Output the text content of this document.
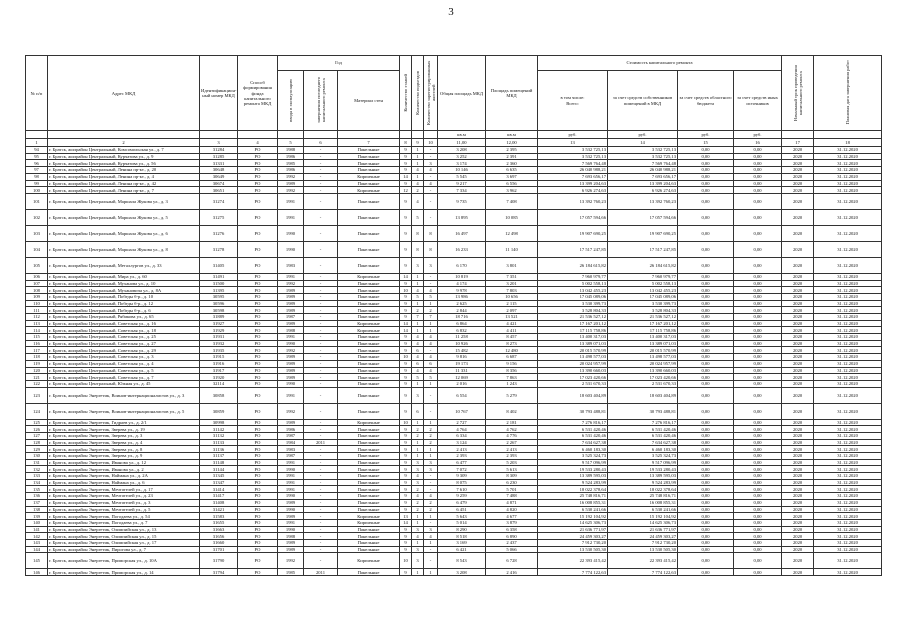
3
№ п/п	Адрес МКД	Идентификацион-ный номер МКД	Способ формирования фонда капитального ремонта МКД	Год			Количество этажей	Количество подъездов	Количество зарегистрированных жителей	Общая площадь МКД	Площадь помещений МКД	Стоимость капитального ремонта				Начальный срок проведения капитального ремонта	Плановая дата завершения работ
				ввода в эксплуатацию	завершения последнего капитального ремонта	Материал стен						в том числе:
Всего:	за счет средств собственников помещений в МКД	за счет средств областного бюджета	за счет средств иных источников		
										кв.м	кв.м	руб.	руб.	руб.	руб.		
1	2	3	4	5	6	7	8	9	10	11,00	12,00	13	14	15	16	17	18
94	г. Братск, жилрайон Центральный, Комсомольская ул., д. 7	31284	РО	1988	-	Панельные	9	1	-	3 208	2 395	3 532 725,13	3 532 725,13	0,00	0,00	2020	31.12.2020
95	г. Братск, жилрайон Центральный, Курчатова ул., д. 9	31285	РО	1986	-	Панельные	9	1	-	3 252	2 391	3 532 725,13	3 532 725,13	0,00	0,00	2020	31.12.2020
96	г. Братск, жилрайон Центральный, Курчатова ул., д. 56	31331	РО	1985	-	Панельные	9	1	3	3 174	2 360	7 569 764,48	7 569 764,48	0,00	0,00	2020	31.12.2020
97	г. Братск, жилрайон Центральный, Ленина пр-кт., д. 20	30648	РО	1986	-	Панельные	9	4	4	10 146	6 635	26 040 988,21	26 040 988,21	0,00	0,00	2020	31.12.2020
98	г. Братск, жилрайон Центральный, Ленина пр-кт., д. 4	30649	РО	1992	-	Кирпичные	14	1	-	5 545	3 697	7 693 656,17	7 693 656,17	0,00	0,00	2020	31.12.2020
99	г. Братск, жилрайон Центральный, Ленина пр-кт., д. 42	30674	РО	1989	-	Панельные	9	4	4	9 217	6 556	13 399 204,63	13 399 204,63	0,00	0,00	2020	31.12.2020
100	г. Братск, жилрайон Центральный, Ленина пр-кт., д. 7	30651	РО	1992	-	Кирпичные	12	2	-	7 334	3 962	6 926 274,63	6 926 274,63	0,00	0,00	2020	31.12.2020
101	г. Братск, жилрайон Центральный, Маршала Жукова ул., д. 3	31274	РО	1991	-	Панельные	9	4	-	9 735	7 408	13 392 760,23	13 392 760,23	0,00	0,00	2020	31.12.2020
102	г. Братск, жилрайон Центральный, Маршала Жукова ул., д. 5	31275	РО	1991	-	Панельные	9	5	-	13 895	10 085	17 057 594,66	17 057 594,66	0,00	0,00	2020	31.12.2020
103	г. Братск, жилрайон Центральный, Маршала Жукова ул., д. 6	31276	РО	1990	-	Панельные	9	8	8	16 497	12 498	19 907 690,25	19 907 690,25	0,00	0,00	2020	31.12.2020
104	г. Братск, жилрайон Центральный, Маршала Жукова ул., д. 8	31278	РО	1990	-	Панельные	9	8	8	16 233	11 140	17 517 247,85	17 517 247,85	0,00	0,00	2020	31.12.2020
105	г. Братск, жилрайон Центральный, Металлургов ул., д. 33	31405	РО	1983	-	Панельные	9	3	3	6 170	3 801	26 184 615,82	26 184 615,82	0,00	0,00	2020	31.12.2020
106	г. Братск, жилрайон Центральный, Мира ул., д. 60	31491	РО	1991	-	Кирпичные	14	1	-	10 819	7 351	7 960 979,77	7 960 979,77	0,00	0,00	2020	31.12.2020
107	г. Братск, жилрайон Центральный, Муханова ул., д. 10	31500	РО	1992	-	Панельные	9	1	-	4 174	3 201	5 002 558,13	5 002 558,13	0,00	0,00	2020	31.12.2020
108	г. Братск, жилрайон Центральный, Мухановича ул., д. 8А	31395	РО	1989	-	Панельные	10	4	4	9 978	7 803	13 042 455,23	13 042 455,23	0,00	0,00	2020	31.12.2020
109	г. Братск, жилрайон Центральный, Победы б-р., д. 10	30595	РО	1989	-	Панельные	9	5	5	13 986	10 656	17 045 089,06	17 045 089,06	0,00	0,00	2020	31.12.2020
110	г. Братск, жилрайон Центральный, Победы б-р., д. 12	30596	РО	1989	-	Панельные	9	1	1	2 625	2 115	3 530 399,73	3 530 399,73	0,00	0,00	2020	31.12.2020
111	г. Братск, жилрайон Центральный, Победы б-р., д. 6	30598	РО	1989	-	Панельные	9	2	2	2 844	2 097	3 528 804,33	3 528 804,33	0,00	0,00	2020	31.12.2020
112	г. Братск, жилрайон Центральный, Рябикова ул., д. 65	31889	РО	1987	-	Панельные	9	7	7	18 716	13 521	21 536 527,12	21 536 527,12	0,00	0,00	2020	31.12.2020
113	г. Братск, жилрайон Центральный, Советская ул., д. 16	31927	РО	1989	-	Кирпичные	14	1	1	6 864	4 421	17 167 201,12	17 167 201,12	0,00	0,00	2020	31.12.2020
114	г. Братск, жилрайон Центральный, Советская ул., д. 18	31929	РО	1988	-	Кирпичные	14	1	1	6 832	4 411	17 115 758,86	17 115 758,86	0,00	0,00	2020	31.12.2020
115	г. Братск, жилрайон Центральный, Советская ул., д. 25	31931	РО	1991	-	Панельные	9	4	4	11 258	8 457	13 400 317,03	13 400 317,03	0,00	0,00	2020	31.12.2020
116	г. Братск, жилрайон Центральный, Советская ул., д. 27	31932	РО	1990	-	Панельные	9	4	4	10 926	8 273	13 389 071,03	13 389 071,03	0,00	0,00	2020	31.12.2020
117	г. Братск, жилрайон Центральный, Советская ул., д. 29	31935	РО	1992	-	Панельные	9	6	-	15 482	12 480	20 015 570,99	20 015 570,99	0,00	0,00	2020	31.12.2020
118	г. Братск, жилрайон Центральный, Советская ул., д. 3	31915	РО	1989	-	Панельные	10	4	4	9 816	6 687	13 498 577,03	13 498 577,03	0,00	0,00	2020	31.12.2020
119	г. Братск, жилрайон Центральный, Советская ул., д. 4	31916	РО	1989	-	Панельные	9	6	6	19 173	9 156	20 024 957,99	20 024 957,99	0,00	0,00	2020	31.12.2020
120	г. Братск, жилрайон Центральный, Советская ул., д. 5	31917	РО	1989	-	Панельные	9	4	4	11 331	8 356	13 390 660,03	13 390 660,03	0,00	0,00	2020	31.12.2020
121	г. Братск, жилрайон Центральный, Советская ул., д. 7	31920	РО	1989	-	Панельные	9	5	5	12 069	7 863	17 023 420,66	17 023 420,66	0,00	0,00	2020	31.12.2020
122	г. Братск, жилрайон Центральный, Южная ул., д. 45	32114	РО	1990	-	Панельные	9	1	1	2 016	1 243	2 531 670,33	2 531 670,33	0,00	0,00	2020	31.12.2020
123	г. Братск, жилрайон Энергетик, Воинов-интернационалистов ул., д. 3	30858	РО	1991	-	Панельные	9	3	-	6 554	5 279	18 603 404,89	18 603 404,89	0,00	0,00	2020	31.12.2020
124	г. Братск, жилрайон Энергетик, Воинов-интернационалистов ул., д. 5	30859	РО	1992	-	Панельные	9	6	-	10 767	8 402	30 793 488,81	30 793 488,81	0,00	0,00	2020	31.12.2020
125	г. Братск, жилрайон Энергетик, Гидраев ул., д. 2/1	30998	РО	1989	-	Кирпичные	10	1	1	2 727	2 181	7 276 816,17	7 276 816,17	0,00	0,00	2020	31.12.2020
126	г. Братск, жилрайон Энергетик, Зверева ул., д. 19	31142	РО	1986	-	Панельные	9	2	2	4 764	4 762	6 531 420,46	6 531 420,46	0,00	0,00	2020	31.12.2020
127	г. Братск, жилрайон Энергетик, Зверева ул., д. 3	31132	РО	1987	-	Панельные	9	2	2	6 334	4 776	6 531 420,46	6 531 420,46	0,00	0,00	2020	31.12.2020
128	г. Братск, жилрайон Энергетик, Зверева ул., д. 4	31133	РО	1984	2011	Панельные	9	1	2	3 124	2 267	7 634 627,38	7 634 627,38	0,00	0,00	2020	31.12.2020
129	г. Братск, жилрайон Энергетик, Зверева ул., д. 8	31136	РО	1983	-	Панельные	9	1	1	2 413	2 413	6 460 183,30	6 460 183,30	0,00	0,00	2020	31.12.2020
130	г. Братск, жилрайон Энергетик, Зверева ул., д. 9	31137	РО	1987	-	Панельные	9	1	1	2 393	2 393	3 525 324,73	3 525 324,73	0,00	0,00	2020	31.12.2020
131	г. Братск, жилрайон Энергетик, Иванова ул., д. 12	31148	РО	1991	-	Панельные	9	3	3	6 477	5 203	9 517 096,99	9 517 096,99	0,00	0,00	2020	31.12.2020
132	г. Братск, жилрайон Энергетик, Иванова ул., д. 2	31144	РО	1990	-	Панельные	9	3	3	7 072	5 613	19 533 280,43	19 533 280,43	0,00	0,00	2020	31.12.2020
133	г. Братск, жилрайон Энергетик, Наймана ул., д. 2А	31345	РО	1991	-	Панельные	9	4	-	9 309	8 309	13 389 595,03	13 389 595,03	0,00	0,00	2020	31.12.2020
134	г. Братск, жилрайон Энергетик, Наймана ул., д. 6	31347	РО	1991	-	Панельные	9	3	-	8 075	6 230	9 524 283,99	9 524 283,99	0,00	0,00	2020	31.12.2020
135	г. Братск, жилрайон Энергетик, Мечтателей ул., д. 17	31414	РО	1991	-	Панельные	9	2	-	7 610	5 701	18 022 378,64	18 022 378,64	0,00	0,00	2020	31.12.2020
136	г. Братск, жилрайон Энергетик, Мечтателей ул., д. 23	31417	РО	1990	-	Панельные	9	4	4	9 259	7 488	25 748 816,71	25 748 816,71	0,00	0,00	2020	31.12.2020
137	г. Братск, жилрайон Энергетик, Мечтателей ул., д. 3	31408	РО	1989	-	Панельные	9	2	2	6 479	4 871	16 008 855,31	16 008 855,31	0,00	0,00	2020	31.12.2020
138	г. Братск, жилрайон Энергетик, Мечтателей ул., д. 5	31421	РО	1990	-	Панельные	9	2	2	6 451	4 820	6 530 241,66	6 530 241,66	0,00	0,00	2020	31.12.2020
139	г. Братск, жилрайон Энергетик, Погодаева ул., д. 54	31583	РО	1989	-	Кирпичные	13	1	1	5 643	4 677	15 192 104,92	15 192 104,92	0,00	0,00	2020	31.12.2020
140	г. Братск, жилрайон Энергетик, Погодаева ул., д. 7	31655	РО	1991	-	Кирпичные	14	1	-	5 014	3 879	14 625 306,73	14 625 306,73	0,00	0,00	2020	31.12.2020
141	г. Братск, жилрайон Энергетик, Олимпийская ул., д. 13	31663	РО	1990	-	Панельные	9	3	3	8 290	6 358	21 636 771,97	21 636 771,97	0,00	0,00	2020	31.12.2020
142	г. Братск, жилрайон Энергетик, Олимпийская ул., д. 15	31656	РО	1988	-	Панельные	9	4	4	8 518	6 890	24 459 303,27	24 459 303,27	0,00	0,00	2020	31.12.2020
143	г. Братск, жилрайон Энергетик, Олимпийская ул., д. 17	31660	РО	1989	-	Панельные	9	1	1	3 169	2 437	7 912 730,20	7 912 730,20	0,00	0,00	2020	31.12.2020
144	г. Братск, жилрайон Энергетик, Пирогова ул., д. 7	31701	РО	1989	-	Панельные	9	3	-	6 421	5 066	13 530 505,30	13 530 505,30	0,00	0,00	2020	31.12.2020
145	г. Братск, жилрайон Энергетик, Приморская ул., д. 10А	31790	РО	1992	-	Кирпичные	10	3	-	8 543	6 728	22 393 415,42	22 393 415,42	0,00	0,00	2020	31.12.2020
146	г. Братск, жилрайон Энергетик, Приморская ул., д. 14	31794	РО	1985	2011	Панельные	9	1	1	3 208	2 416	7 774 122,63	7 774 122,63	0,00	0,00	2020	31.12.2020
